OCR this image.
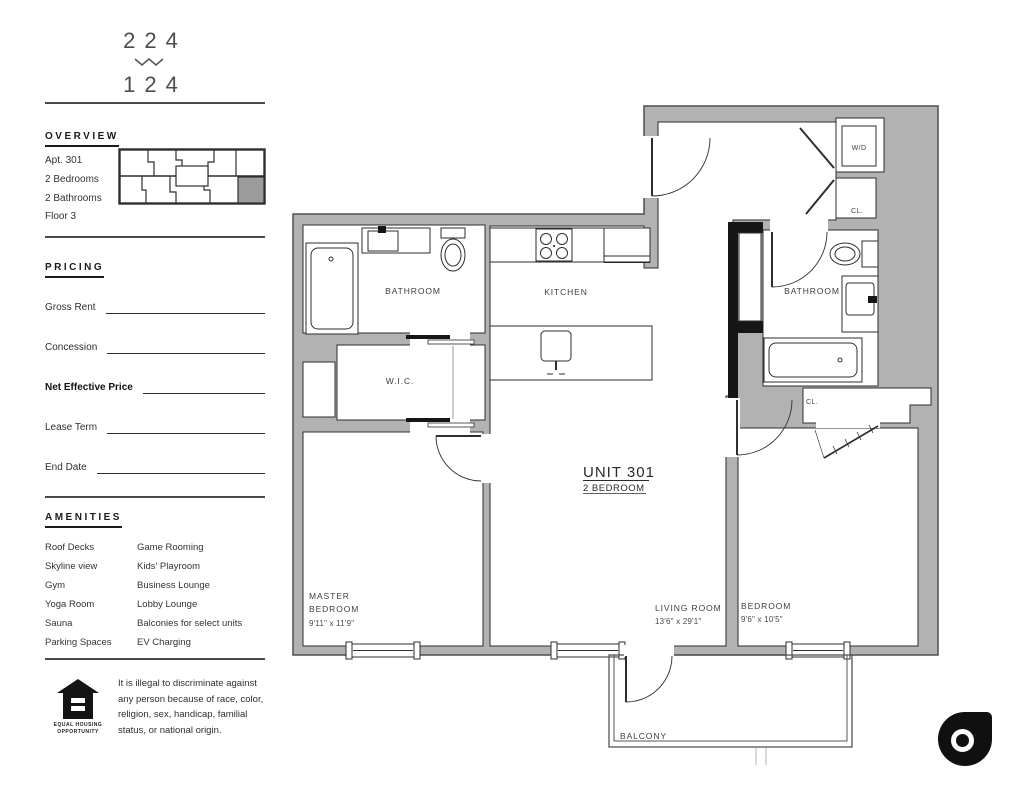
224
124
OVERVIEW
Apt. 301
2 Bedrooms
2 Bathrooms
Floor 3
PRICING
Gross Rent
Concession
Net Effective Price
Lease Term
End Date
AMENITIES
Roof Decks
Skyline view
Gym
Yoga Room
Sauna
Parking Spaces
Game Rooming
Kids' Playroom
Business Lounge
Lobby Lounge
Balconies for select units
EV Charging
EQUAL HOUSING
OPPORTUNITY
It is illegal to discriminate against any person because of race, color, religion, sex, handicap, familial status, or national origin.
BATHROOM	KITCHEN
W.I.C.
BATHROOM
W/D
CL.
CL.
UNIT 301
2 BEDROOM
MASTER
BEDROOM
9'11" x 11'9"
LIVING ROOM
13'6" x 29'1"
BEDROOM
9'6" x 10'5"
BALCONY
